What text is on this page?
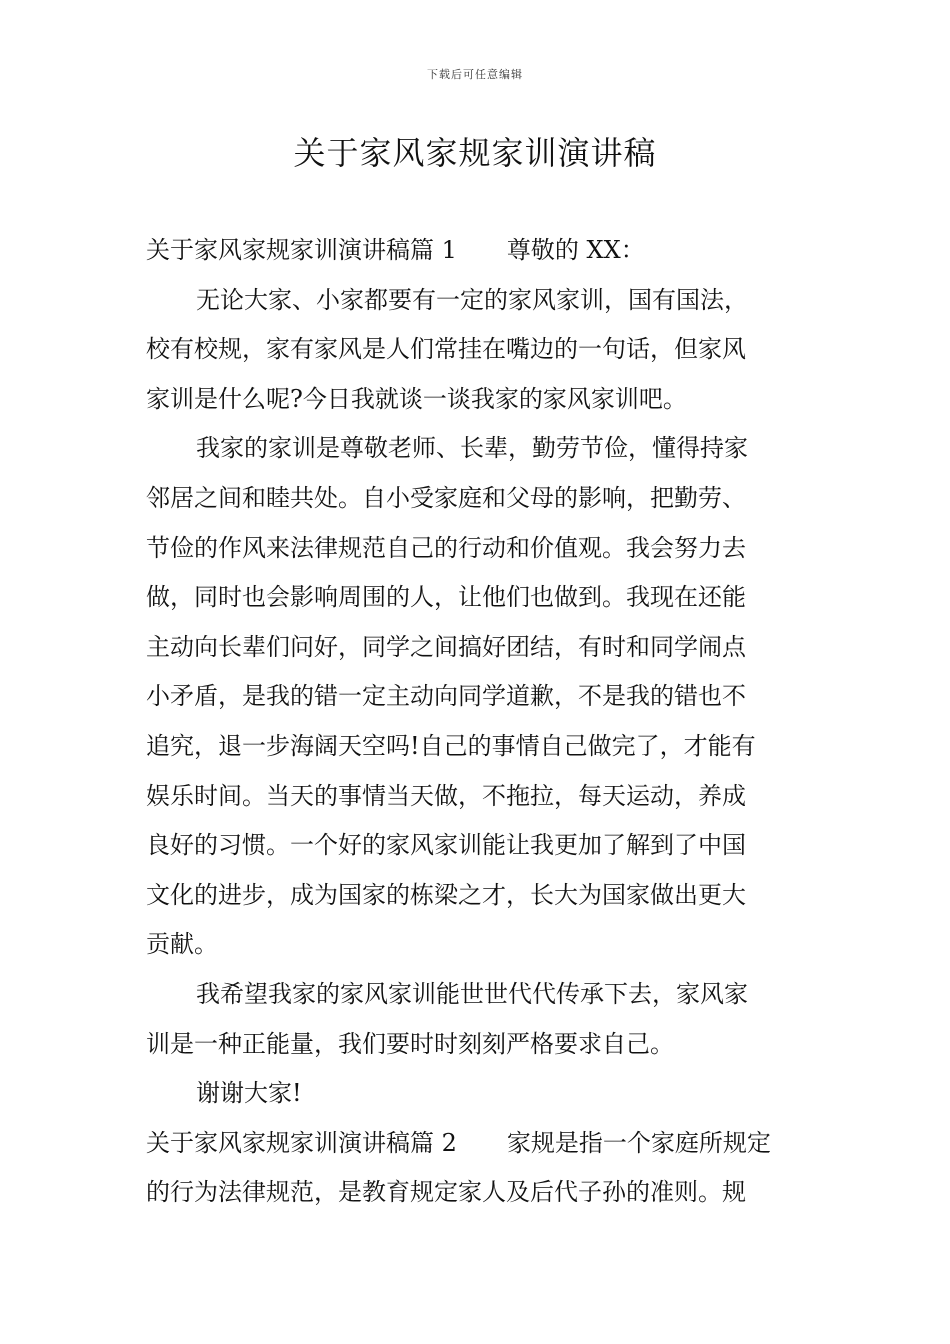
下载后可任意编辑
关于家风家规家训演讲稿
关于家风家规家训演讲稿篇 1 尊敬的 XX：
无论大家、小家都要有一定的家风家训，国有国法，
校有校规，家有家风是人们常挂在嘴边的一句话，但家风
家训是什么呢?今日我就谈一谈我家的家风家训吧。
我家的家训是尊敬老师、长辈，勤劳节俭，懂得持家
邻居之间和睦共处。自小受家庭和父母的影响，把勤劳、
节俭的作风来法律规范自己的行动和价值观。我会努力去
做，同时也会影响周围的人，让他们也做到。我现在还能
主动向长辈们问好，同学之间搞好团结，有时和同学闹点
小矛盾，是我的错一定主动向同学道歉，不是我的错也不
追究，退一步海阔天空吗!自己的事情自己做完了，才能有
娱乐时间。当天的事情当天做，不拖拉，每天运动，养成
良好的习惯。一个好的家风家训能让我更加了解到了中国
文化的进步，成为国家的栋梁之才，长大为国家做出更大
贡献。
我希望我家的家风家训能世世代代传承下去，家风家
训是一种正能量，我们要时时刻刻严格要求自己。
谢谢大家!
关于家风家规家训演讲稿篇 2 家规是指一个家庭所规定
的行为法律规范，是教育规定家人及后代子孙的准则。规
